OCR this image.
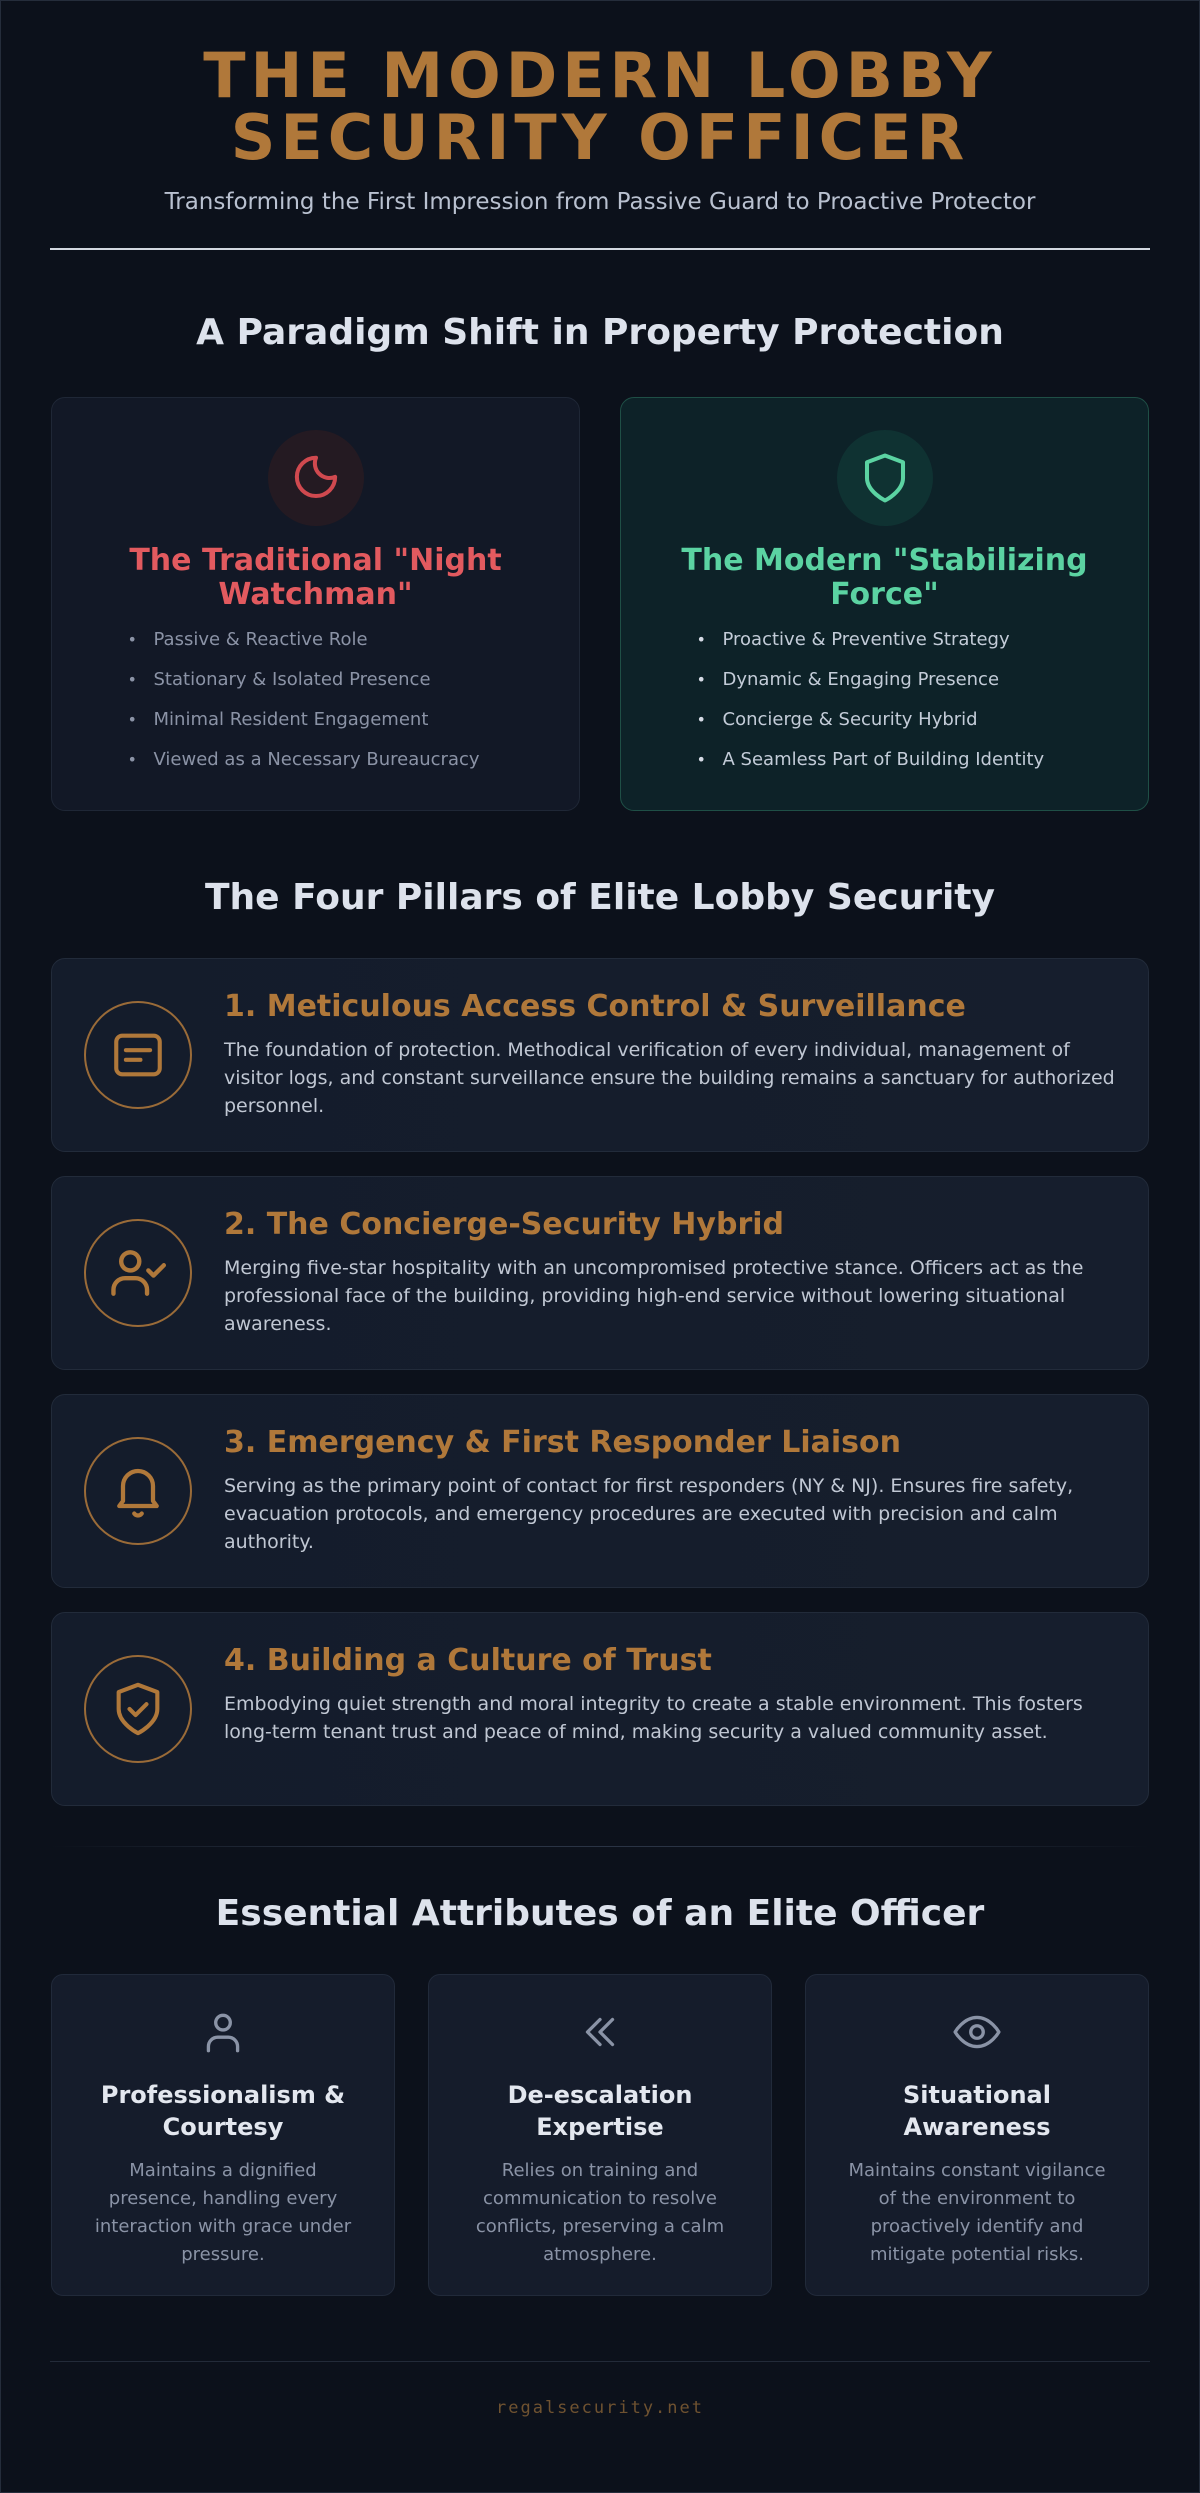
THE MODERN LOBBY SECURITY OFFICER

Transforming the First Impression from Passive Guard to Proactive Protector

A Paradigm Shift in Property Protection
The Traditional "Night Watchman"
• Passive & Reactive Role
• Stationary & Isolated Presence
• Minimal Resident Engagement
• Viewed as a Necessary Bureaucracy
The Modern "Stabilizing Force"
• Proactive & Preventive Strategy
• Dynamic & Engaging Presence
• Concierge & Security Hybrid
• A Seamless Part of Building Identity
The Four Pillars of Elite Lobby Security
1. Meticulous Access Control & Surveillance

The foundation of protection. Methodical verification of every individual, management of visitor logs, and constant surveillance ensure the building remains a sanctuary for authorized personnel.

2. The Concierge-Security Hybrid

Merging five-star hospitality with an uncompromised protective stance. Officers act as the professional face of the building, providing high-end service without lowering situational awareness.

3. Emergency & First Responder Liaison

Serving as the primary point of contact for first responders (NY & NJ). Ensures fire safety, evacuation protocols, and emergency procedures are executed with precision and calm authority.

4. Building a Culture of Trust

Embodying quiet strength and moral integrity to create a stable environment. This fosters long-term tenant trust and peace of mind, making security a valued community asset.

Essential Attributes of an Elite Officer
Professionalism & Courtesy

Maintains a dignified presence, handling every interaction with grace under pressure.

De-escalation Expertise

Relies on training and communication to resolve conflicts, preserving a calm atmosphere.

Situational Awareness

Maintains constant vigilance of the environment to proactively identify and mitigate potential risks.

regalsecurity.net
